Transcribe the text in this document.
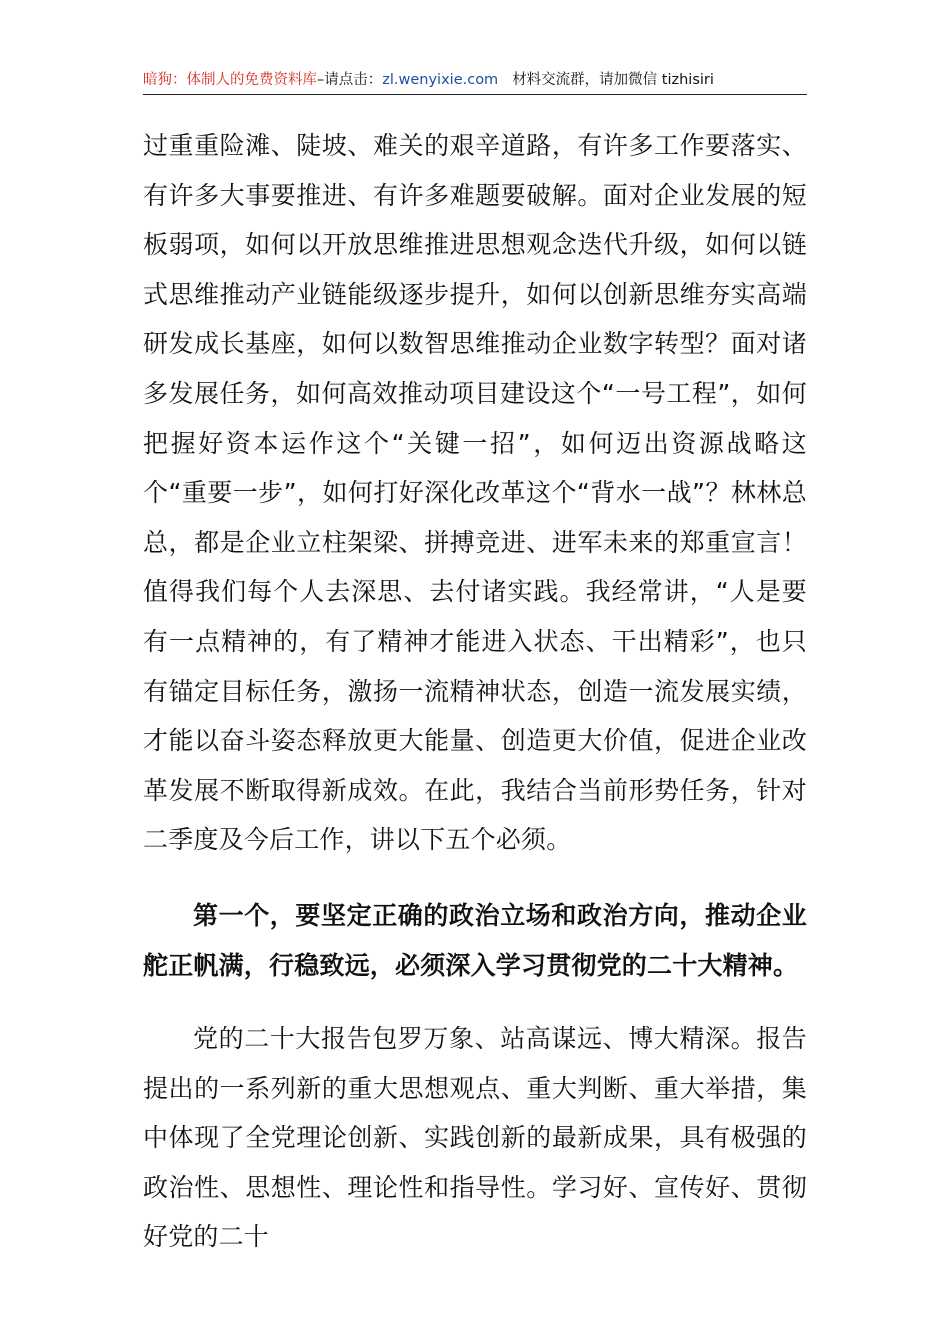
暗狗：体制人的免费资料库–请点击：zl.wenyixie.com 材料交流群，请加微信 tizhisiri

过重重险滩、陡坡、难关的艰辛道路，有许多工作要落实、有许多大事要推进、有许多难题要破解。面对企业发展的短板弱项，如何以开放思维推进思想观念迭代升级，如何以链式思维推动产业链能级逐步提升，如何以创新思维夯实高端研发成长基座，如何以数智思维推动企业数字转型？面对诸多发展任务，如何高效推动项目建设这个“一号工程”，如何把握好资本运作这个“关键一招”，如何迈出资源战略这个“重要一步”，如何打好深化改革这个“背水一战”？林林总总，都是企业立柱架梁、拼搏竞进、进军未来的郑重宣言！值得我们每个人去深思、去付诸实践。我经常讲，“人是要有一点精神的，有了精神才能进入状态、干出精彩”，也只有锚定目标任务，激扬一流精神状态，创造一流发展实绩，才能以奋斗姿态释放更大能量、创造更大价值，促进企业改革发展不断取得新成效。在此，我结合当前形势任务，针对二季度及今后工作，讲以下五个必须。

第一个，要坚定正确的政治立场和政治方向，推动企业舵正帆满，行稳致远，必须深入学习贯彻党的二十大精神。

党的二十大报告包罗万象、站高谋远、博大精深。报告提出的一系列新的重大思想观点、重大判断、重大举措，集中体现了全党理论创新、实践创新的最新成果，具有极强的政治性、思想性、理论性和指导性。学习好、宣传好、贯彻好党的二十
